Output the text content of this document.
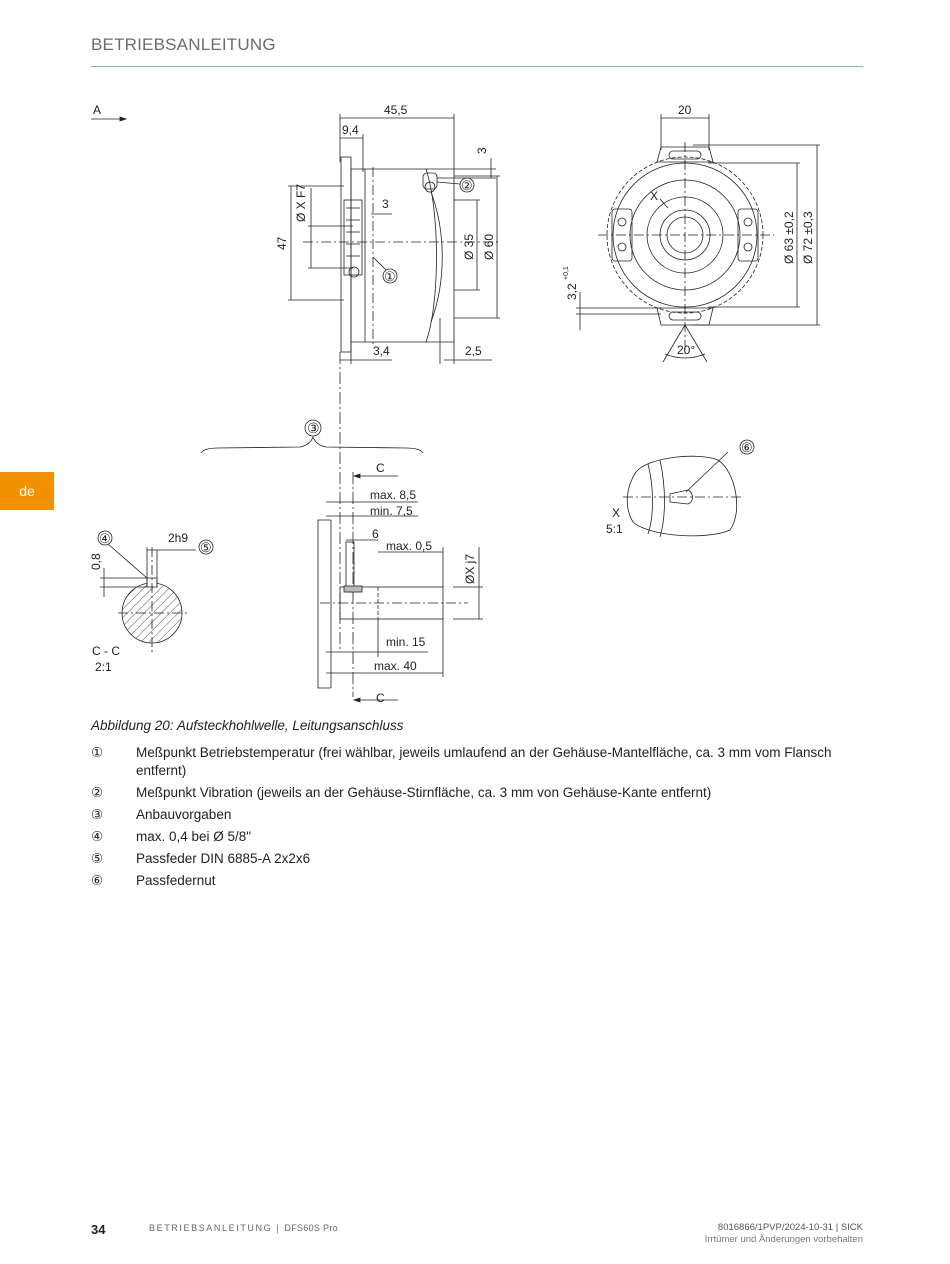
BETRIEBSANLEITUNG
de
A	45,5
9,4
3
3
Ø X F7
47	Ø 35 Ø 60
3,4	2,5
①
②
③
20
X
Ø 63 ±0,2 Ø 72 ±0,3
3,2
+0,1
20°
C
max. 8,5
min. 7,5
6
max. 0,5
ØX j7
min. 15
max. 40
C
2h9
0,8
④
⑤
C - C
2:1
X
5:1
⑥
Abbildung 20: Aufsteckhohlwelle, Leitungsanschluss
①	Meßpunkt Betriebstemperatur (frei wählbar, jeweils umlaufend an der Gehäuse-Mantelfläche, ca. 3 mm vom Flansch entfernt)
②	Meßpunkt Vibration (jeweils an der Gehäuse-Stirnfläche, ca. 3 mm von Gehäuse-Kante entfernt)
③	Anbauvorgaben
④	max. 0,4 bei Ø 5/8"
⑤	Passfeder DIN 6885-A 2x2x6
⑥	Passfedernut
34	BETRIEBSANLEITUNG | DFS60S Pro	8016866/1PVP/2024-10-31 | SICK
Irrtümer und Änderungen vorbehalten
